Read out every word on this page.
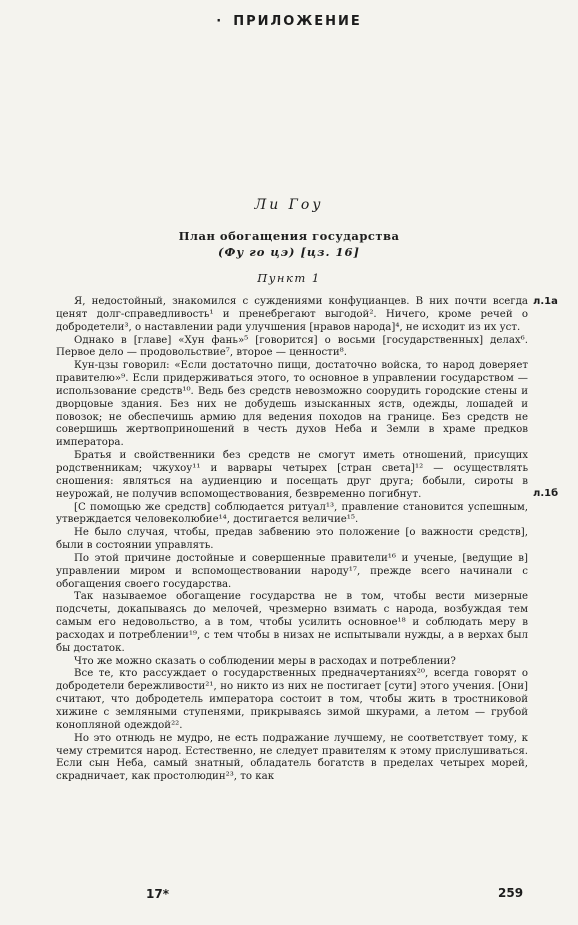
· ПРИЛОЖЕНИЕ
Ли Гоу
План обогащения государства
(Фу го цэ) [цз. 16]
Пункт 1

Я, недостойный, знакомился с суждениями конфуцианцев. В них почти всегда ценят долг-справедливость¹ и пренебрегают выгодой². Ничего, кроме речей о добродетели³, о наставлении ради улучшения [нравов народа]⁴, не исходит из их уст.

Однако в [главе] «Хун фань»⁵ [говорится] о восьми [государственных] делах⁶. Первое дело — продовольствие⁷, второе — ценности⁸.

Кун-цзы говорил: «Если достаточно пищи, достаточно войска, то народ доверяет правителю»⁹. Если придерживаться этого, то основное в управлении государством — использование средств¹⁰. Ведь без средств невозможно соорудить городские стены и дворцовые здания. Без них не добудешь изысканных яств, одежды, лошадей и повозок; не обеспечишь армию для ведения походов на границе. Без средств не совершишь жертвоприношений в честь духов Неба и Земли в храме предков императора.

Братья и свойственники без средств не смогут иметь отношений, присущих родственникам; чжухоу¹¹ и варвары четырех [стран света]¹² — осуществлять сношения: являться на аудиенцию и посещать друг друга; бобыли, сироты в неурожай, не получив вспомоществования, безвременно погибнут.

[С помощью же средств] соблюдается ритуал¹³, правление становится успешным, утверждается человеколюбие¹⁴, достигается величие¹⁵.

Не было случая, чтобы, предав забвению это положение [о важности средств], были в состоянии управлять.

По этой причине достойные и совершенные правители¹⁶ и ученые, [ведущие в] управлении миром и вспомоществовании народу¹⁷, прежде всего начинали с обогащения своего государства.

Так называемое обогащение государства не в том, чтобы вести мизерные подсчеты, докапываясь до мелочей, чрезмерно взимать с народа, возбуждая тем самым его недовольство, а в том, чтобы усилить основное¹⁸ и соблюдать меру в расходах и потреблении¹⁹, с тем чтобы в низах не испытывали нужды, а в верхах был бы достаток.

Что же можно сказать о соблюдении меры в расходах и потреблении?

Все те, кто рассуждает о государственных предначертаниях²⁰, всегда говорят о добродетели бережливости²¹, но никто из них не постигает [сути] этого учения. [Они] считают, что добродетель императора состоит в том, чтобы жить в тростниковой хижине с земляными ступенями, прикрываясь зимой шкурами, а летом — грубой конопляной одеждой²².

Но это отнюдь не мудро, не есть подражание лучшему, не соответствует тому, к чему стремится народ. Естественно, не следует правителям к этому прислушиваться. Если сын Неба, самый знатный, обладатель богатств в пределах четырех морей, скрадничает, как простолюдин²³, то как

л.1а
л.1б
17*	259
